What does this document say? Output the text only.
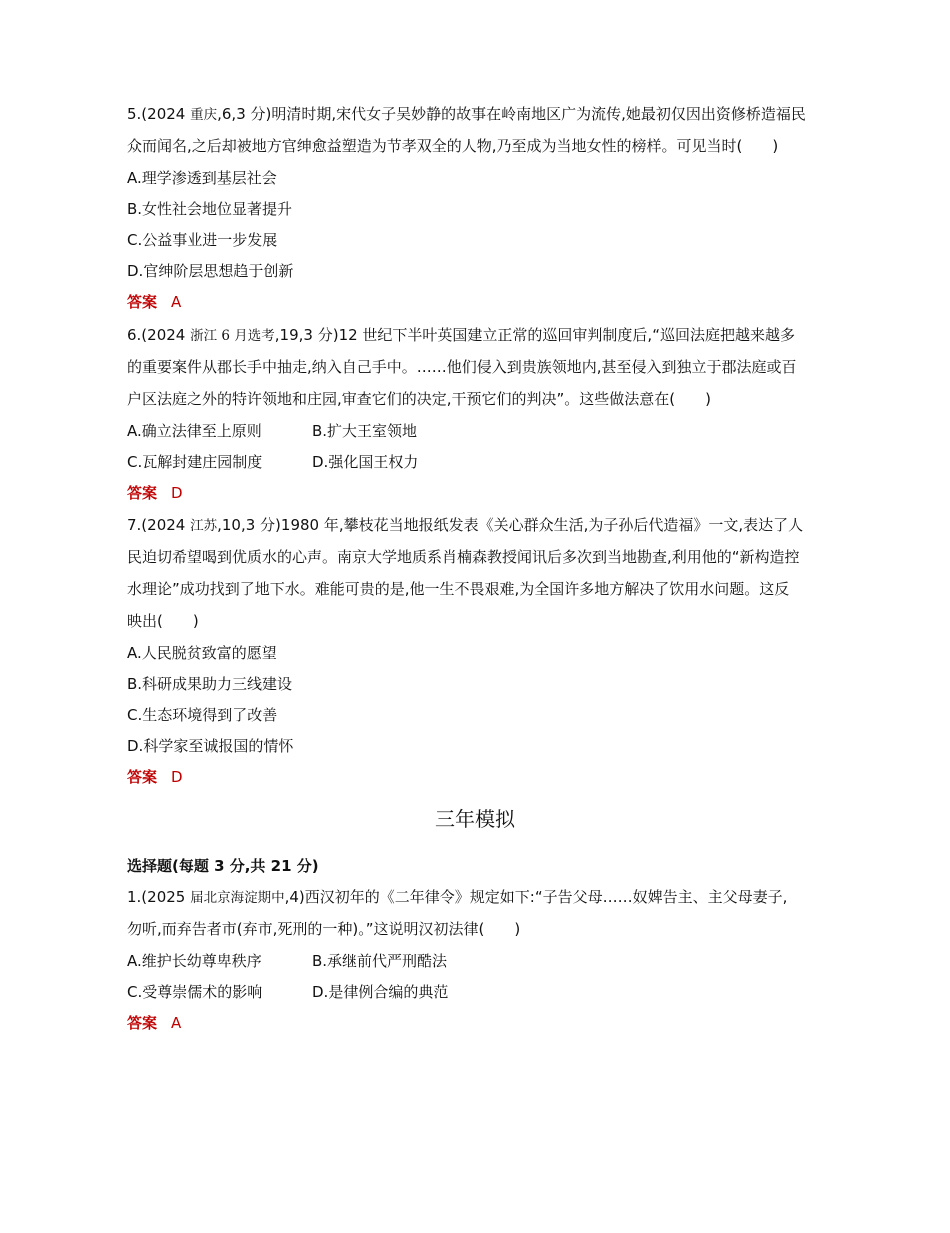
5.(2024 重庆,6,3 分)明清时期,宋代女子吴妙静的故事在岭南地区广为流传,她最初仅因出资修桥造福民
众而闻名,之后却被地方官绅愈益塑造为节孝双全的人物,乃至成为当地女性的榜样。可见当时(　　)
A.理学渗透到基层社会
B.女性社会地位显著提升
C.公益事业进一步发展
D.官绅阶层思想趋于创新
答案 A
6.(2024 浙江 6 月选考,19,3 分)12 世纪下半叶英国建立正常的巡回审判制度后,“巡回法庭把越来越多
的重要案件从郡长手中抽走,纳入自己手中。……他们侵入到贵族领地内,甚至侵入到独立于郡法庭或百
户区法庭之外的特许领地和庄园,审查它们的决定,干预它们的判决”。这些做法意在(　　)
A.确立法律至上原则	B.扩大王室领地
C.瓦解封建庄园制度	D.强化国王权力
答案 D
7.(2024 江苏,10,3 分)1980 年,攀枝花当地报纸发表《关心群众生活,为子孙后代造福》一文,表达了人
民迫切希望喝到优质水的心声。南京大学地质系肖楠森教授闻讯后多次到当地勘查,利用他的“新构造控
水理论”成功找到了地下水。难能可贵的是,他一生不畏艰难,为全国许多地方解决了饮用水问题。这反
映出(　　)
A.人民脱贫致富的愿望
B.科研成果助力三线建设
C.生态环境得到了改善
D.科学家至诚报国的情怀
答案 D
三年模拟
选择题(每题 3 分,共 21 分)
1.(2025 届北京海淀期中,4)西汉初年的《二年律令》规定如下:“子告父母……奴婢告主、主父母妻子,
勿听,而弃告者市(弃市,死刑的一种)。”这说明汉初法律(　　)
A.维护长幼尊卑秩序	B.承继前代严刑酷法
C.受尊崇儒术的影响	D.是律例合编的典范
答案 A
